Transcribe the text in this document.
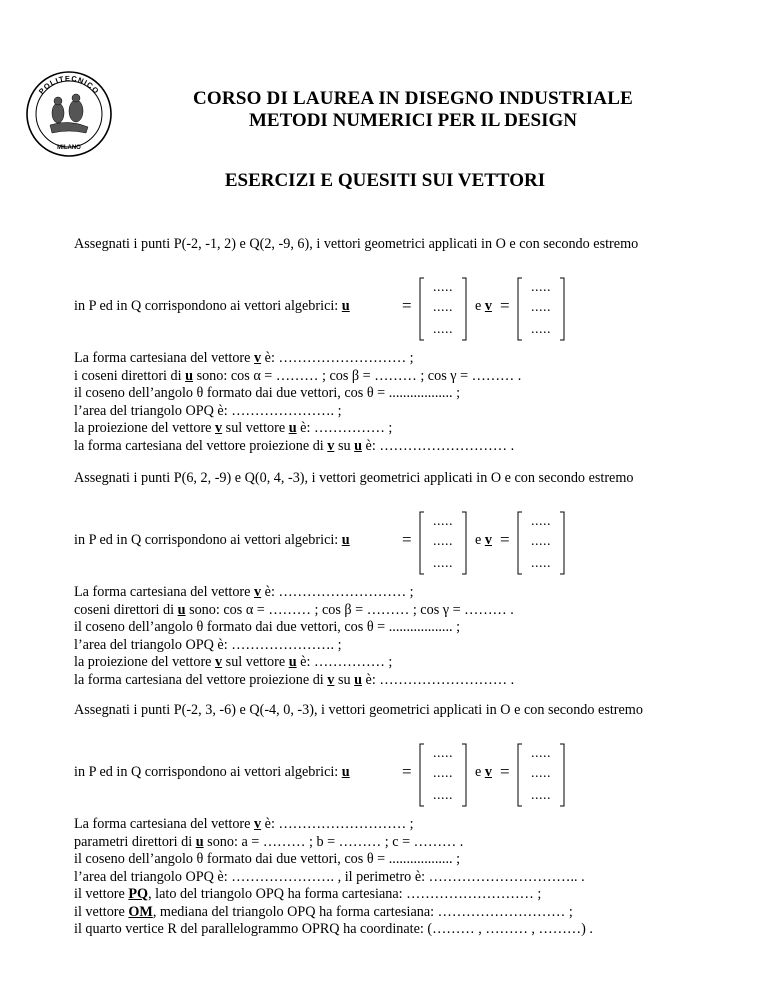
POLITECNICO
MILANO
CORSO DI LAUREA IN DISEGNO INDUSTRIALE
METODI NUMERICI PER IL DESIGN
ESERCIZI E QUESITI SUI VETTORI
Assegnati i punti P(-2, -1, 2) e Q(2, -9, 6), i vettori geometrici applicati in O e con secondo estremo
in P ed in Q corrispondono ai vettori algebrici: u	=
.....
.....
.....
e v =
.....
.....
.....
La forma cartesiana del vettore v è: ……………………… ;
i coseni direttori di u sono: cos α = ……… ; cos β = ……… ; cos γ = ……… .
il coseno dell’angolo θ formato dai due vettori, cos θ = .................. ;
l’area del triangolo OPQ è: …………………. ;
la proiezione del vettore v sul vettore u è: …………… ;
la forma cartesiana del vettore proiezione di v su u è: ……………………… .
Assegnati i punti P(6, 2, -9) e Q(0, 4, -3), i vettori geometrici applicati in O e con secondo estremo
in P ed in Q corrispondono ai vettori algebrici: u	=
.....
.....
.....
e v =
.....
.....
.....
La forma cartesiana del vettore v è: ……………………… ;
coseni direttori di u sono: cos α = ……… ; cos β = ……… ; cos γ = ……… .
il coseno dell’angolo θ formato dai due vettori, cos θ = .................. ;
l’area del triangolo OPQ è: …………………. ;
la proiezione del vettore v sul vettore u è: …………… ;
la forma cartesiana del vettore proiezione di v su u è: ……………………… .
Assegnati i punti P(-2, 3, -6) e Q(-4, 0, -3), i vettori geometrici applicati in O e con secondo estremo
in P ed in Q corrispondono ai vettori algebrici: u	=
.....
.....
.....
e v =
.....
.....
.....
La forma cartesiana del vettore v è: ……………………… ;
parametri direttori di u sono: a = ……… ; b = ……… ; c = ……… .
il coseno dell’angolo θ formato dai due vettori, cos θ = .................. ;
l’area del triangolo OPQ è: …………………. , il perimetro è: ………………………….. .
il vettore PQ, lato del triangolo OPQ ha forma cartesiana: ……………………… ;
il vettore OM, mediana del triangolo OPQ ha forma cartesiana: ……………………… ;
il quarto vertice R del parallelogrammo OPRQ ha coordinate: (……… , ……… , ………) .
